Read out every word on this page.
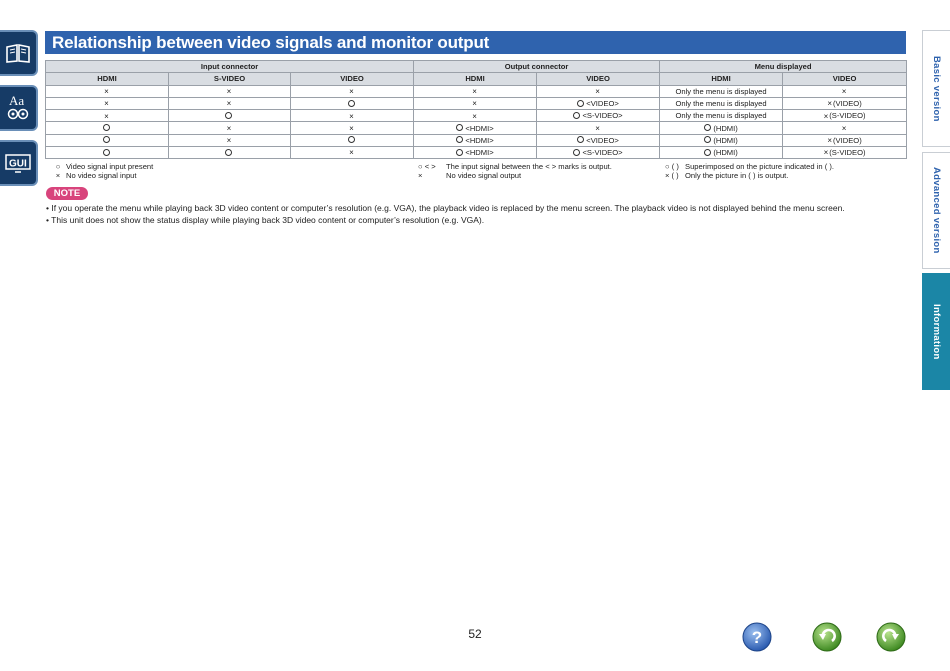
Aa
GUI
Relationship between video signals and monitor output
Input connector			Output connector		Menu displayed	
HDMI	S-VIDEO	VIDEO	HDMI	VIDEO	HDMI	VIDEO
×	×	×	×	×	Only the menu is displayed	×
×	×		×	<VIDEO>	Only the menu is displayed	×(VIDEO)
×		×	×	<S-VIDEO>	Only the menu is displayed	×(S-VIDEO)
	×	×	<HDMI>	×	(HDMI)	×
	×		<HDMI>	<VIDEO>	(HDMI)	×(VIDEO)
		×	<HDMI>	<S-VIDEO>	(HDMI)	×(S-VIDEO)
○ Video signal input present
× No video signal input
○ < >	The input signal between the < > marks is output.
×	No video signal output
○ ( ) Superimposed on the picture indicated in ( ).
× ( ) Only the picture in ( ) is output.
NOTE
• If you operate the menu while playing back 3D video content or computer’s resolution (e.g. VGA), the playback video is replaced by the menu screen. The playback video is not displayed behind the menu screen.
• This unit does not show the status display while playing back 3D video content or computer’s resolution (e.g. VGA).
Basic version
Advanced version
Information
52	?
